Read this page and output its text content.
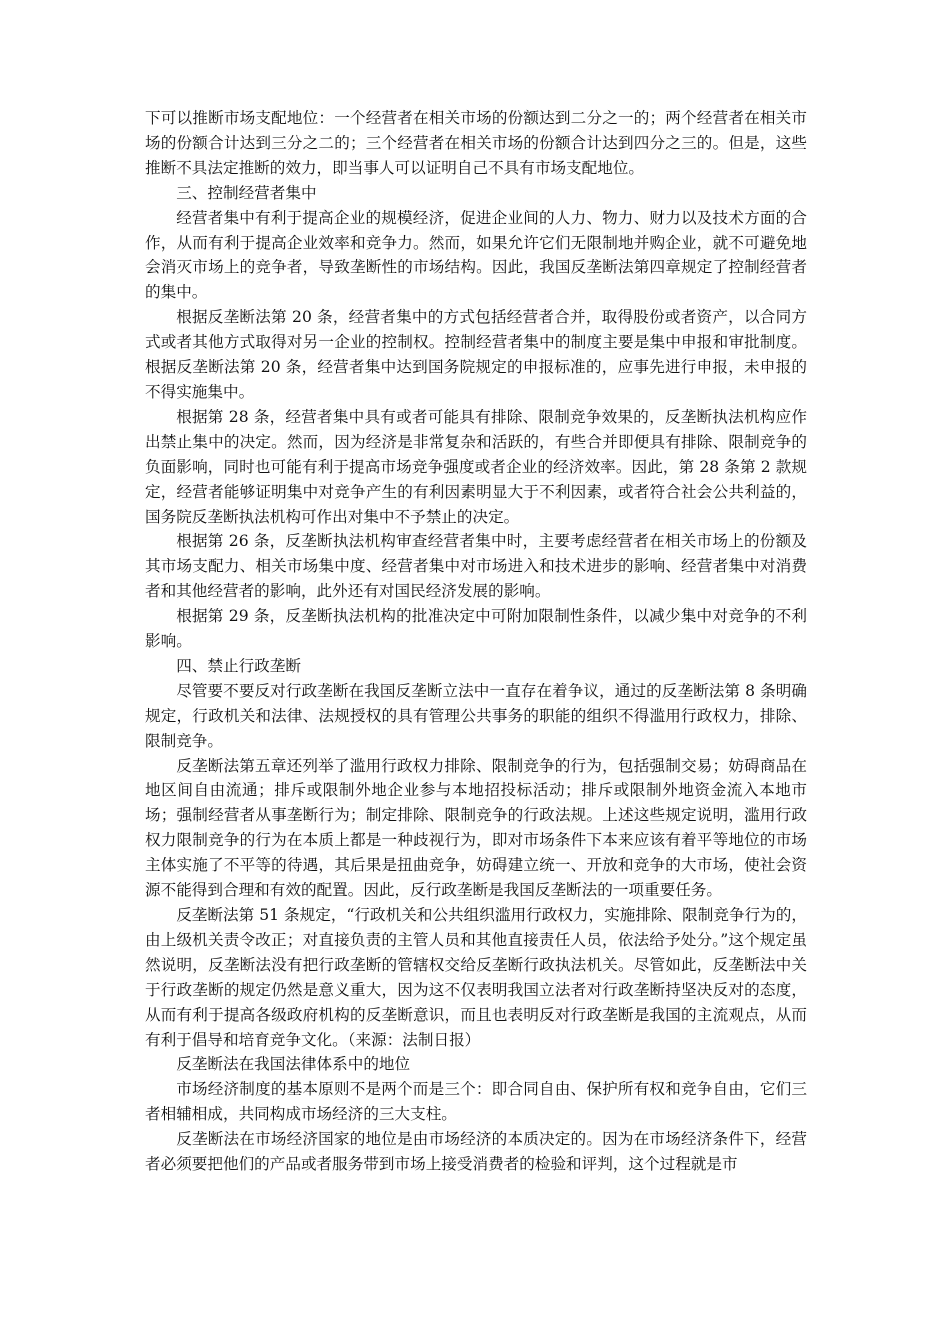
下可以推断市场支配地位：一个经营者在相关市场的份额达到二分之一的；两个经营者在相关市场的份额合计达到三分之二的；三个经营者在相关市场的份额合计达到四分之三的。但是，这些推断不具法定推断的效力，即当事人可以证明自己不具有市场支配地位。

三、控制经营者集中

经营者集中有利于提高企业的规模经济，促进企业间的人力、物力、财力以及技术方面的合作，从而有利于提高企业效率和竞争力。然而，如果允许它们无限制地并购企业，就不可避免地会消灭市场上的竞争者，导致垄断性的市场结构。因此，我国反垄断法第四章规定了控制经营者的集中。

根据反垄断法第 20 条，经营者集中的方式包括经营者合并，取得股份或者资产，以合同方式或者其他方式取得对另一企业的控制权。控制经营者集中的制度主要是集中申报和审批制度。根据反垄断法第 20 条，经营者集中达到国务院规定的申报标准的，应事先进行申报，未申报的不得实施集中。

根据第 28 条，经营者集中具有或者可能具有排除、限制竞争效果的，反垄断执法机构应作出禁止集中的决定。然而，因为经济是非常复杂和活跃的，有些合并即便具有排除、限制竞争的负面影响，同时也可能有利于提高市场竞争强度或者企业的经济效率。因此，第 28 条第 2 款规定，经营者能够证明集中对竞争产生的有利因素明显大于不利因素，或者符合社会公共利益的，国务院反垄断执法机构可作出对集中不予禁止的决定。

根据第 26 条，反垄断执法机构审查经营者集中时，主要考虑经营者在相关市场上的份额及其市场支配力、相关市场集中度、经营者集中对市场进入和技术进步的影响、经营者集中对消费者和其他经营者的影响，此外还有对国民经济发展的影响。

根据第 29 条，反垄断执法机构的批准决定中可附加限制性条件，以减少集中对竞争的不利影响。

四、禁止行政垄断

尽管要不要反对行政垄断在我国反垄断立法中一直存在着争议，通过的反垄断法第 8 条明确规定，行政机关和法律、法规授权的具有管理公共事务的职能的组织不得滥用行政权力，排除、限制竞争。

反垄断法第五章还列举了滥用行政权力排除、限制竞争的行为，包括强制交易；妨碍商品在地区间自由流通；排斥或限制外地企业参与本地招投标活动；排斥或限制外地资金流入本地市场；强制经营者从事垄断行为；制定排除、限制竞争的行政法规。上述这些规定说明，滥用行政权力限制竞争的行为在本质上都是一种歧视行为，即对市场条件下本来应该有着平等地位的市场主体实施了不平等的待遇，其后果是扭曲竞争，妨碍建立统一、开放和竞争的大市场，使社会资源不能得到合理和有效的配置。因此，反行政垄断是我国反垄断法的一项重要任务。

反垄断法第 51 条规定，“行政机关和公共组织滥用行政权力，实施排除、限制竞争行为的，由上级机关责令改正；对直接负责的主管人员和其他直接责任人员，依法给予处分。”这个规定虽然说明，反垄断法没有把行政垄断的管辖权交给反垄断行政执法机关。尽管如此，反垄断法中关于行政垄断的规定仍然是意义重大，因为这不仅表明我国立法者对行政垄断持坚决反对的态度，从而有利于提高各级政府机构的反垄断意识，而且也表明反对行政垄断是我国的主流观点，从而有利于倡导和培育竞争文化。（来源：法制日报）

反垄断法在我国法律体系中的地位

市场经济制度的基本原则不是两个而是三个：即合同自由、保护所有权和竞争自由，它们三者相辅相成，共同构成市场经济的三大支柱。

反垄断法在市场经济国家的地位是由市场经济的本质决定的。因为在市场经济条件下，经营者必须要把他们的产品或者服务带到市场上接受消费者的检验和评判，这个过程就是市
